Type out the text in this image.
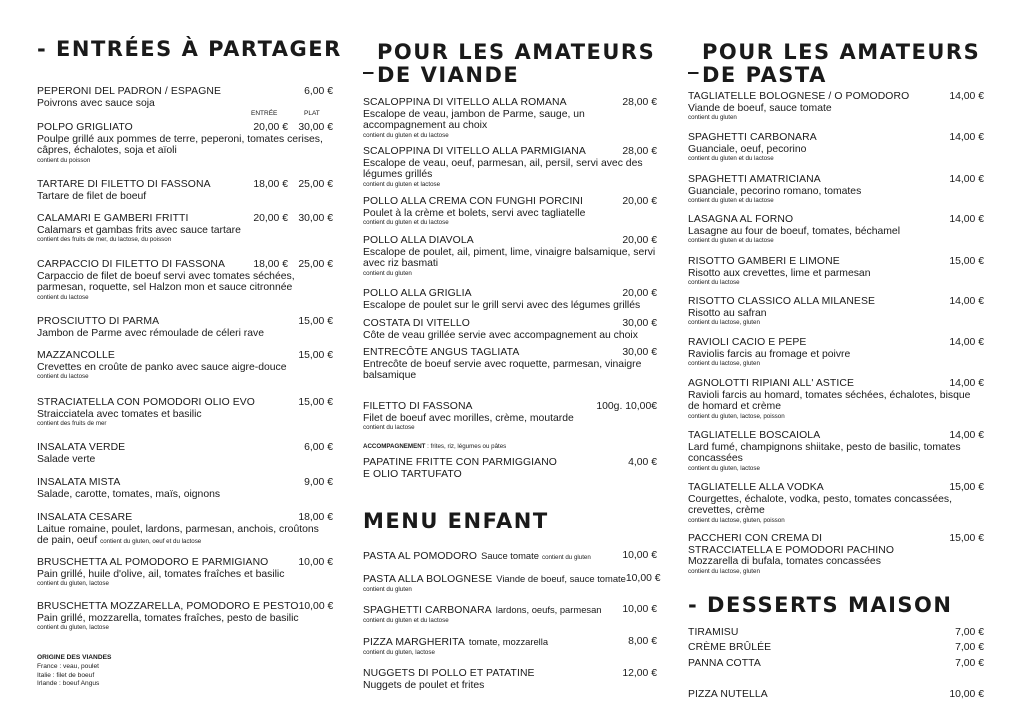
- ENTRÉES À PARTAGER
ENTRÉE	PLAT
PEPERONI DEL PADRON / ESPAGNE	6,00 €
Poivrons avec sauce soja
POLPO GRIGLIATO	20,00 € 30,00 €
Poulpe grillé aux pommes de terre, peperoni, tomates cerises, câpres, échalotes, soja et aïoli
contient du poisson
TARTARE DI FILETTO DI FASSONA	18,00 € 25,00 €
Tartare de filet de boeuf
CALAMARI E GAMBERI FRITTI	20,00 € 30,00 €
Calamars et gambas frits avec sauce tartare
contient des fruits de mer, du lactose, du poisson
CARPACCIO DI FILETTO DI FASSONA	18,00 € 25,00 €
Carpaccio de filet de boeuf servi avec tomates séchées, parmesan, roquette, sel Halzon mon et sauce citronnée
contient du lactose
PROSCIUTTO DI PARMA	15,00 €
Jambon de Parme avec rémoulade de céleri rave
MAZZANCOLLE	15,00 €
Crevettes en croûte de panko avec sauce aigre-douce
contient du lactose
STRACIATELLA CON POMODORI OLIO EVO	15,00 €
Straicciatela avec tomates et basilic
contient des fruits de mer
INSALATA VERDE	6,00 €
Salade verte
INSALATA MISTA	9,00 €
Salade, carotte, tomates, maïs, oignons
INSALATA CESARE	18,00 €
Laitue romaine, poulet, lardons, parmesan, anchois, croûtons de pain, oeuf contient du gluten, oeuf et du lactose
BRUSCHETTA AL POMODORO E PARMIGIANO	10,00 €
Pain grillé, huile d'olive, ail, tomates fraîches et basilic
contient du gluten, lactose
BRUSCHETTA MOZZARELLA, POMODORO E PESTO 10,00 €
Pain grillé, mozzarella, tomates fraîches, pesto de basilic
contient du gluten, lactose
ORIGINE DES VIANDES
France : veau, poulet
Italie : filet de boeuf
Irlande : boeuf Angus
_ POUR LES AMATEURS
DE VIANDE
SCALOPPINA DI VITELLO ALLA ROMANA	28,00 €
Escalope de veau, jambon de Parme, sauge, un accompagnement au choix
contient du gluten et du lactose
SCALOPPINA DI VITELLO ALLA PARMIGIANA	28,00 €
Escalope de veau, oeuf, parmesan, ail, persil, servi avec des légumes grillés
contient du gluten et lactose
POLLO ALLA CREMA CON FUNGHI PORCINI	20,00 €
Poulet à la crème et bolets, servi avec tagliatelle
contient du gluten et du lactose
POLLO ALLA DIAVOLA	20,00 €
Escalope de poulet, ail, piment, lime, vinaigre balsamique, servi avec riz basmati
contient du gluten
POLLO ALLA GRIGLIA	20,00 €
Escalope de poulet sur le grill servi avec des légumes grillés
COSTATA DI VITELLO	30,00 €
Côte de veau grillée servie avec accompagnement au choix
ENTRECÔTE ANGUS TAGLIATA	30,00 €
Entrecôte de boeuf servie avec roquette, parmesan, vinaigre balsamique
FILETTO DI FASSONA	100g. 10,00€
Filet de boeuf avec morilles, crème, moutarde
contient du lactose
ACCOMPAGNEMENT : frites, riz, légumes ou pâtes
PAPATINE FRITTE CON PARMIGGIANO	4,00 €
E OLIO TARTUFATO
MENU ENFANT
PASTA AL POMODORO Sauce tomate contient du gluten	10,00 €
PASTA ALLA BOLOGNESE Viande de boeuf, sauce tomate 10,00 €
contient du gluten
SPAGHETTI CARBONARA lardons, oeufs, parmesan 10,00 €
contient du gluten et du lactose
PIZZA MARGHERITA tomate, mozzarella	8,00 €
contient du gluten, lactose
NUGGETS DI POLLO ET PATATINE	12,00 €
Nuggets de poulet et frites
_ POUR LES AMATEURS
DE PASTA
TAGLIATELLE BOLOGNESE / O POMODORO	14,00 €
Viande de boeuf, sauce tomate
contient du gluten
SPAGHETTI CARBONARA	14,00 €
Guanciale, oeuf, pecorino
contient du gluten et du lactose
SPAGHETTI AMATRICIANA	14,00 €
Guanciale, pecorino romano, tomates
contient du gluten et du lactose
LASAGNA AL FORNO	14,00 €
Lasagne au four de boeuf, tomates, béchamel
contient du gluten et du lactose
RISOTTO GAMBERI E LIMONE	15,00 €
Risotto aux crevettes, lime et parmesan
contient du lactose
RISOTTO CLASSICO ALLA MILANESE	14,00 €
Risotto au safran
contient du lactose, gluten
RAVIOLI CACIO E PEPE	14,00 €
Raviolis farcis au fromage et poivre
contient du lactose, gluten
AGNOLOTTI RIPIANI ALL' ASTICE	14,00 €
Ravioli farcis au homard, tomates séchées, échalotes, bisque de homard et crème
contient du gluten, lactose, poisson
TAGLIATELLE BOSCAIOLA	14,00 €
Lard fumé, champignons shiitake, pesto de basilic, tomates concassées
contient du gluten, lactose
TAGLIATELLE ALLA VODKA	15,00 €
Courgettes, échalote, vodka, pesto, tomates concassées, crevettes, crème
contient du lactose, gluten, poisson
PACCHERI CON CREMA DI	15,00 €
STRACCIATELLA E POMODORI PACHINO
Mozzarella di bufala, tomates concassées
contient du lactose, gluten
- DESSERTS MAISON
TIRAMISU	7,00 €
CRÈME BRÛLÉE	7,00 €
PANNA COTTA	7,00 €
PIZZA NUTELLA	10,00 €
